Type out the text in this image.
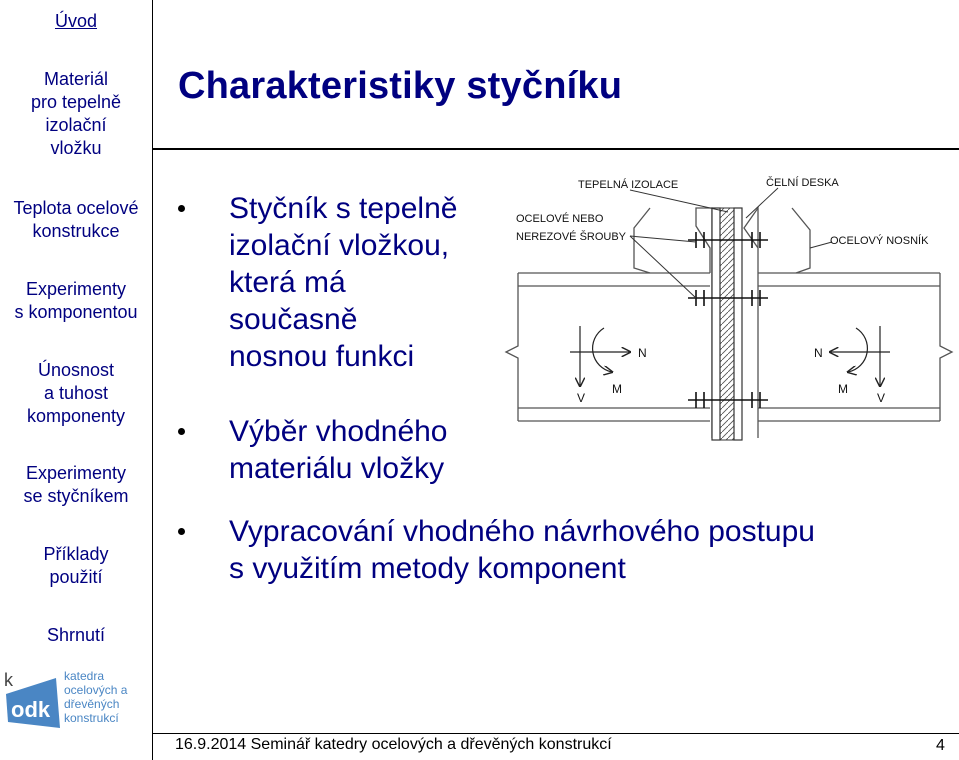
Úvod
Materiál
pro tepelně
izolační
vložku
Teplota ocelové
konstrukce
Experimenty
s komponentou
Únosnost
a tuhost
komponenty
Experimenty
se styčníkem
Příklady
použití
Shrnutí
k
odk
katedra
ocelových a
dřevěných
konstrukcí
Charakteristiky styčníku
Styčník s tepelně
izolační vložkou,
která má
současně
nosnou funkci
Výběr vhodného
materiálu vložky
Vypracování vhodného návrhového postupu
s využitím metody komponent
TEPELNÁ IZOLACE	ČELNÍ DESKA
OCELOVÉ NEBO
NEREZOVÉ ŠROUBY	OCELOVÝ NOSNÍK
N
M
V
N
M
V
16.9.2014 Seminář katedry ocelových a dřevěných konstrukcí	4
